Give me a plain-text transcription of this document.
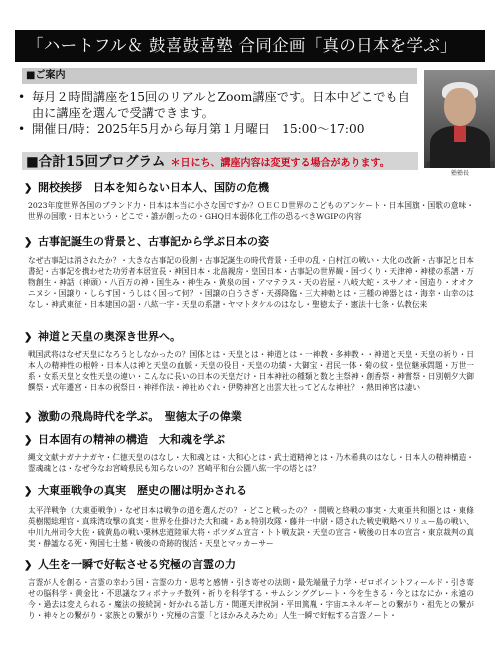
「ハートフル＆ 鼓喜鼓喜塾 合同企画「真の日本を学ぶ」
■ご案内
• 毎月２時間講座を15回のリアルとZoom講座です。日本中どこでも自由に講座を選んで受講できます。
• 開催日/時：2025年5月から毎月第１月曜日　15:00～17:00
講師：小島 崇暢 鼓喜鼓喜塾塾長
■合計15回プログラム ＊日にち、講座内容は変更する場合があります。
❯ 開校挨拶　日本を知らない日本人、国防の危機
2023年度世界各国のブランド力・日本は本当に小さな国ですか？ＯＥＣＤ世界のこどものアンケート・日本国旗・国歌の意味・世界の国歌・日本という・どこで・誰が創ったの・GHQ日本弱体化工作の恐るべきWGIPの内容
❯ 古事記誕生の背景と、古事記から学ぶ日本の姿
なぜ古事記は消されたか？・大きな古事記の役割・古事記誕生の時代背景・壬申の乱・白村江の戦い・大化の改新・古事記と日本書紀・古事記を携わせた功労者本居宣長・神国日本・北畠親房・皇国日本・古事記の世界観・国づくり・天津神・神様の系譜・万物創生・神話（神頭）・八百万の神・国生み・神生み・黄泉の国・アマテラス・天の岩屋・八岐大蛇・スサノオ・国造り・オオクニヌシ・国譲り・しらす国・うしはく国って何？・国譲の白うさぎ・天孫降臨・三大神勅とは・三種の神器とは・海幸・山幸のはなし・神武東征・日本建国の詔・八紘一宇・天皇の系譜・ヤマトタケルのはなし・聖徳太子・憲法十七条・仏教伝来
❯ 神道と天皇の奥深き世界へ。
戦国武将はなぜ天皇になろうとしなかったの？国体とは・天皇とは・神道とは・一神教・多神教・・神道と天皇・天皇の祈り・日本人の精神性の根幹・日本人は神と天皇の血脈・天皇の役目・天皇の功績・大御宝・君民一体・菊の紋・皇位継承問題・万世一系・女系天皇と女性天皇の違い・こんなに長いの日本の天皇だけ・日本神社の種類と数と主祭神・創香祭・神嘗祭・日別朝夕大御饌祭・式年遷宮・日本の祝祭日・神祥作法・神社めぐれ・伊勢神宮と出雲大社ってどんな神社？・熱田神宮は凄い
❯ 激動の飛鳥時代を学ぶ。　聖徳太子の偉業
❯ 日本固有の精神の構造　大和魂を学ぶ
縄文文献ナガナナガヤ・仁徳天皇のはなし・大和魂とは・大和心とは・武士道精神とは・乃木希典のはなし・日本人の精神構造・霊魂魂とは・なぜ今なお宮崎県民も知らないの？宮崎平和台公園八紘一宇の塔とは？
❯ 大東亜戦争の真実　歴史の闇は明かされる
太平洋戦争（大東亜戦争）・なぜ日本は戦争の道を選んだの？・どこと戦ったの？・開戦と終戦の事実・大東亜共和圏とは・東條英樹閣総理官・真珠湾攻撃の真実・世界を仕掛けた大和魂・あぁ特別攻隊・藤井一中尉・隠された戦史戦略ペリリュー島の戦い、中川九州司令大佐・硫黄島の戦い栗林忠道陸軍大将・ポツダム宣言・トト戦友訣・天皇の宣言・戦後の日本の宣言・東京裁判の真実・静謐なる死・殉国七士墓・戦後の奇跡的復活・天皇とマッカーサー
❯ 人生を一瞬で好転させる究極の言霊の力
言霊が人を創る・言霊の幸わう国・言霊の力・思考と感情・引き寄せの法則・最先端量子力学・ゼロポイントフィールド・引き寄せの脳科学・黄金比・不思議なフィボナッチ数列・祈りを科学する・サムシンググレート・今を生きる・今とはなにか・永遠の今・過去は変えられる・魔法の接続詞・好かれる話し方・開運天津祝詞・平田篤胤・宇宙エネルギーとの繋がり・祖先との繋がり・神々との繋がり・家族との繋がり・究極の言霊「とほかみえみため」人生一瞬で好転する言霊ノート・
